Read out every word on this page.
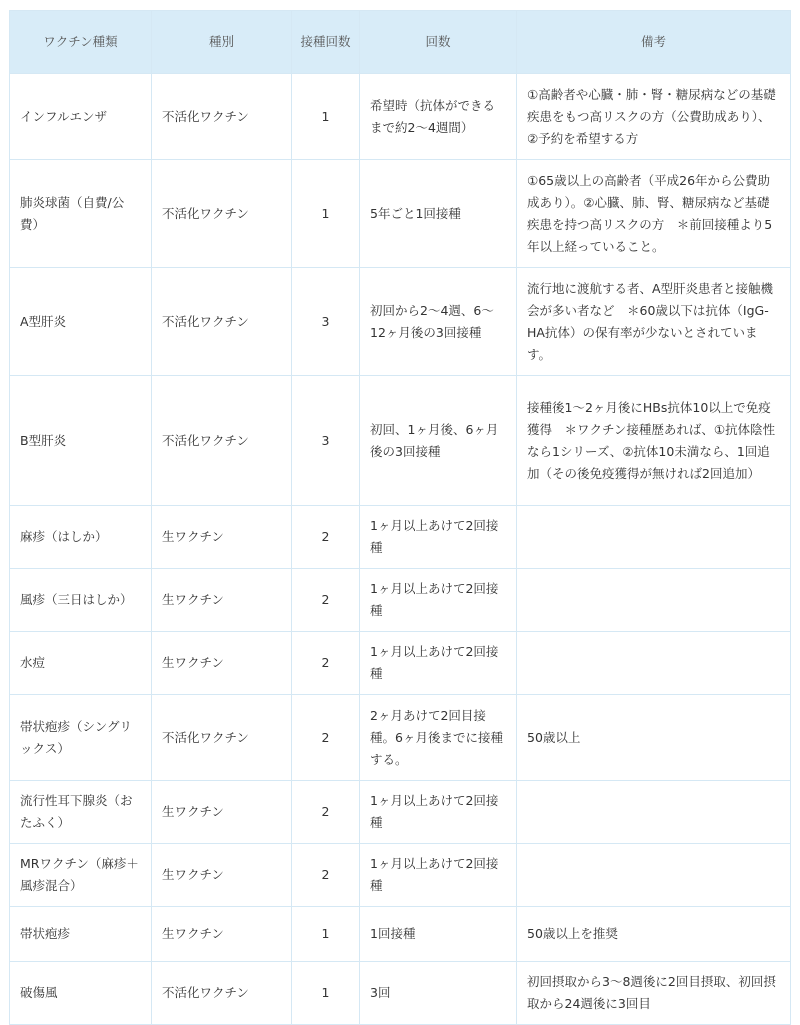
ワクチン種類	種別	接種回数	回数	備考
インフルエンザ	不活化ワクチン	1	希望時（抗体ができるまで約2〜4週間）	①高齢者や心臓・肺・腎・糖尿病などの基礎疾患をもつ高リスクの方（公費助成あり）、②予約を希望する方
肺炎球菌（自費/公費）	不活化ワクチン	1	5年ごと1回接種	①65歳以上の高齢者（平成26年から公費助成あり）。②心臓、肺、腎、糖尿病など基礎疾患を持つ高リスクの方　＊前回接種より5年以上経っていること。
A型肝炎	不活化ワクチン	3	初回から2〜4週、6〜12ヶ月後の3回接種	流行地に渡航する者、A型肝炎患者と接触機会が多い者など　＊60歳以下は抗体（IgG-HA抗体）の保有率が少ないとされています。
B型肝炎	不活化ワクチン	3	初回、1ヶ月後、6ヶ月後の3回接種	接種後1〜2ヶ月後にHBs抗体10以上で免疫獲得　＊ワクチン接種歴あれば、①抗体陰性なら1シリーズ、②抗体10未満なら、1回追加（その後免疫獲得が無ければ2回追加）
麻疹（はしか）	生ワクチン	2	1ヶ月以上あけて2回接種	
風疹（三日はしか）	生ワクチン	2	1ヶ月以上あけて2回接種	
水痘	生ワクチン	2	1ヶ月以上あけて2回接種	
帯状疱疹（シングリックス）	不活化ワクチン	2	2ヶ月あけて2回目接種。6ヶ月後までに接種する。	50歳以上
流行性耳下腺炎（おたふく）	生ワクチン	2	1ヶ月以上あけて2回接種	
MRワクチン（麻疹＋風疹混合）	生ワクチン	2	1ヶ月以上あけて2回接種	
帯状疱疹	生ワクチン	1	1回接種	50歳以上を推奨
破傷風	不活化ワクチン	1	3回	初回摂取から3〜8週後に2回目摂取、初回摂取から24週後に3回目
